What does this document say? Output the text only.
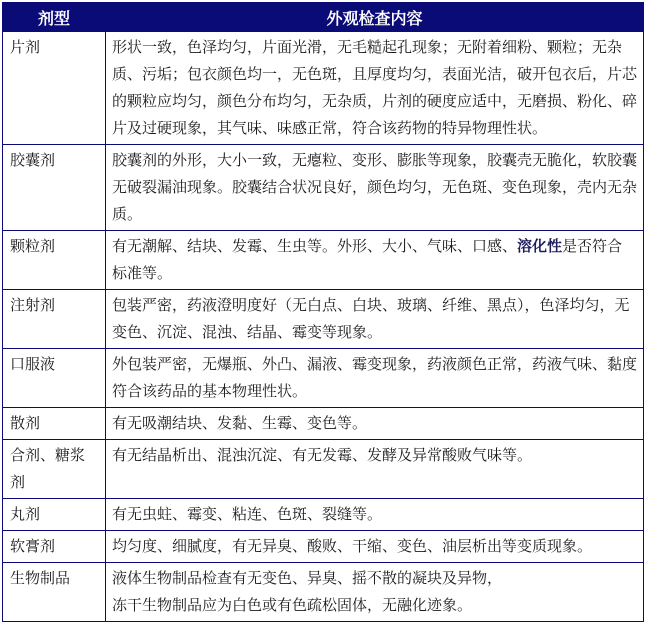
剂型	外观检查内容
片剂	形状一致，色泽均匀，片面光滑，无毛糙起孔现象；无附着细粉、颗粒；无杂质、污垢；包衣颜色均一，无色斑，且厚度均匀，表面光洁，破开包衣后，片芯的颗粒应均匀，颜色分布均匀，无杂质，片剂的硬度应适中，无磨损、粉化、碎片及过硬现象，其气味、味感正常，符合该药物的特异物理性状。
胶囊剂	胶囊剂的外形，大小一致，无瘪粒、变形、膨胀等现象，胶囊壳无脆化，软胶囊无破裂漏油现象。胶囊结合状况良好，颜色均匀，无色斑、变色现象，壳内无杂质。
颗粒剂	有无潮解、结块、发霉、生虫等。外形、大小、气味、口感、溶化性是否符合标准等。
注射剂	包装严密，药液澄明度好（无白点、白块、玻璃、纤维、黑点），色泽均匀，无变色、沉淀、混浊、结晶、霉变等现象。
口服液	外包装严密，无爆瓶、外凸、漏液、霉变现象，药液颜色正常，药液气味、黏度符合该药品的基本物理性状。
散剂	有无吸潮结块、发黏、生霉、变色等。
合剂、糖浆剂	有无结晶析出、混浊沉淀、有无发霉、发酵及异常酸败气味等。
丸剂	有无虫蛀、霉变、粘连、色斑、裂缝等。
软膏剂	均匀度、细腻度，有无异臭、酸败、干缩、变色、油层析出等变质现象。
生物制品	液体生物制品检查有无变色、异臭、摇不散的凝块及异物，
冻干生物制品应为白色或有色疏松固体，无融化迹象。
